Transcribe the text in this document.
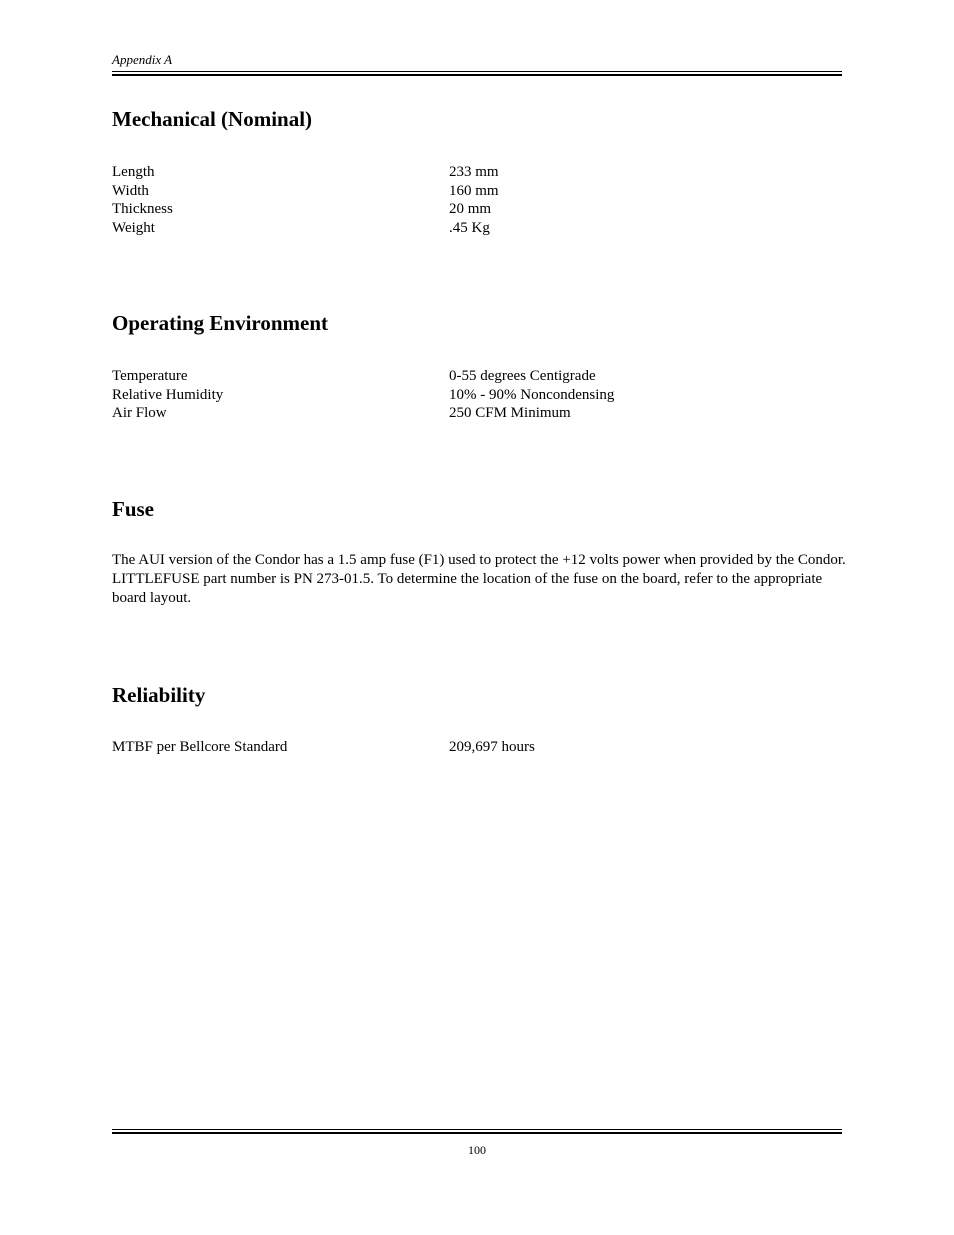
Appendix A
Mechanical (Nominal)
Length	233 mm
Width	160 mm
Thickness	20 mm
Weight	.45 Kg
Operating Environment
Temperature	0-55 degrees Centigrade
Relative Humidity	10% - 90% Noncondensing
Air Flow	250 CFM Minimum
Fuse

The AUI version of the Condor has a 1.5 amp fuse (F1) used to protect the +12 volts power when provided by the Condor. LITTLEFUSE part number is PN 273-01.5. To determine the location of the fuse on the board, refer to the appropriate board layout.

Reliability
MTBF per Bellcore Standard	209,697 hours
100
